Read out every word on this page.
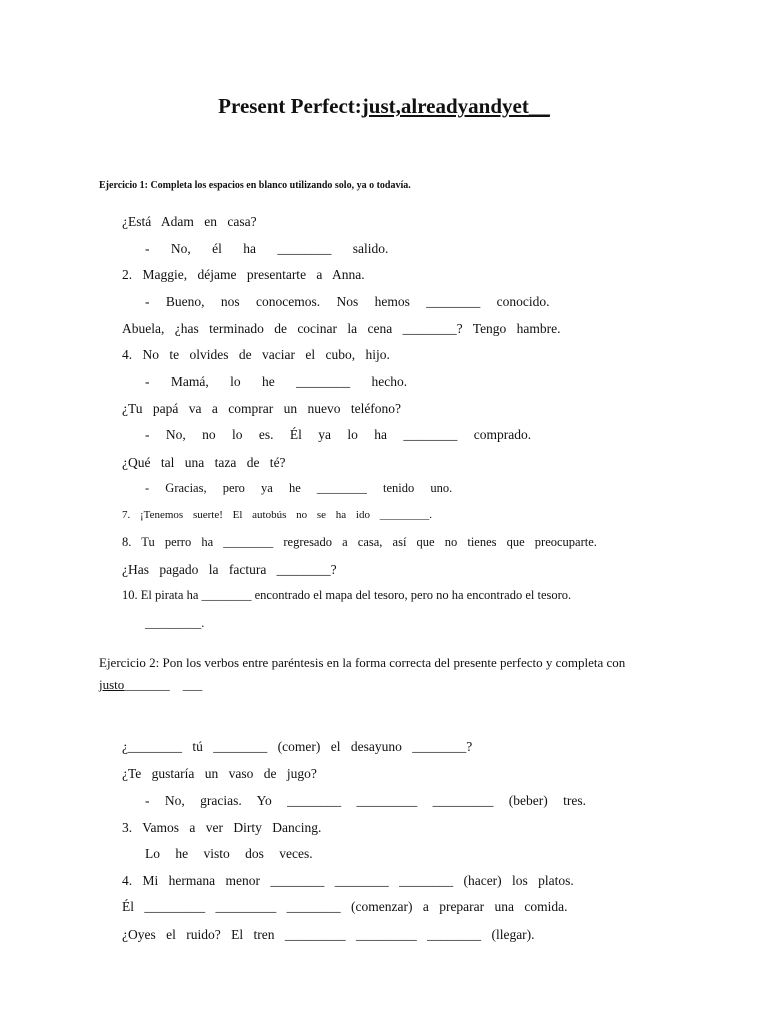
Present Perfect:just,alreadyandyet__
Ejercicio 1: Completa los espacios en blanco utilizando solo, ya o todavía.
¿Está Adam en casa?
- No, él ha ________ salido.
2. Maggie, déjame presentarte a Anna.
- Bueno, nos conocemos. Nos hemos ________ conocido.
Abuela, ¿has terminado de cocinar la cena ________? Tengo hambre.
4. No te olvides de vaciar el cubo, hijo.
- Mamá, lo he ________ hecho.
¿Tu papá va a comprar un nuevo teléfono?
- No, no lo es. Él ya lo ha ________ comprado.
¿Qué tal una taza de té?
- Gracias, pero ya he ________ tenido uno.
7. ¡Tenemos suerte! El autobús no se ha ido _________.
8. Tu perro ha ________ regresado a casa, así que no tienes que preocuparte.
¿Has pagado la factura ________?
10. El pirata ha ________ encontrado el mapa del tesoro, pero no ha encontrado el tesoro.
_________.
Ejercicio 2: Pon los verbos entre paréntesis en la forma correcta del presente perfecto y completa con justo_______    ___
¿________ tú ________ (comer) el desayuno ________?
¿Te gustaría un vaso de jugo?
- No, gracias. Yo ________ _________ _________ (beber) tres.
3. Vamos a ver Dirty Dancing.
Lo he visto dos veces.
4. Mi hermana menor ________ ________ ________ (hacer) los platos.
Él _________ _________ ________ (comenzar) a preparar una comida.
¿Oyes el ruido? El tren _________ _________ ________ (llegar).
